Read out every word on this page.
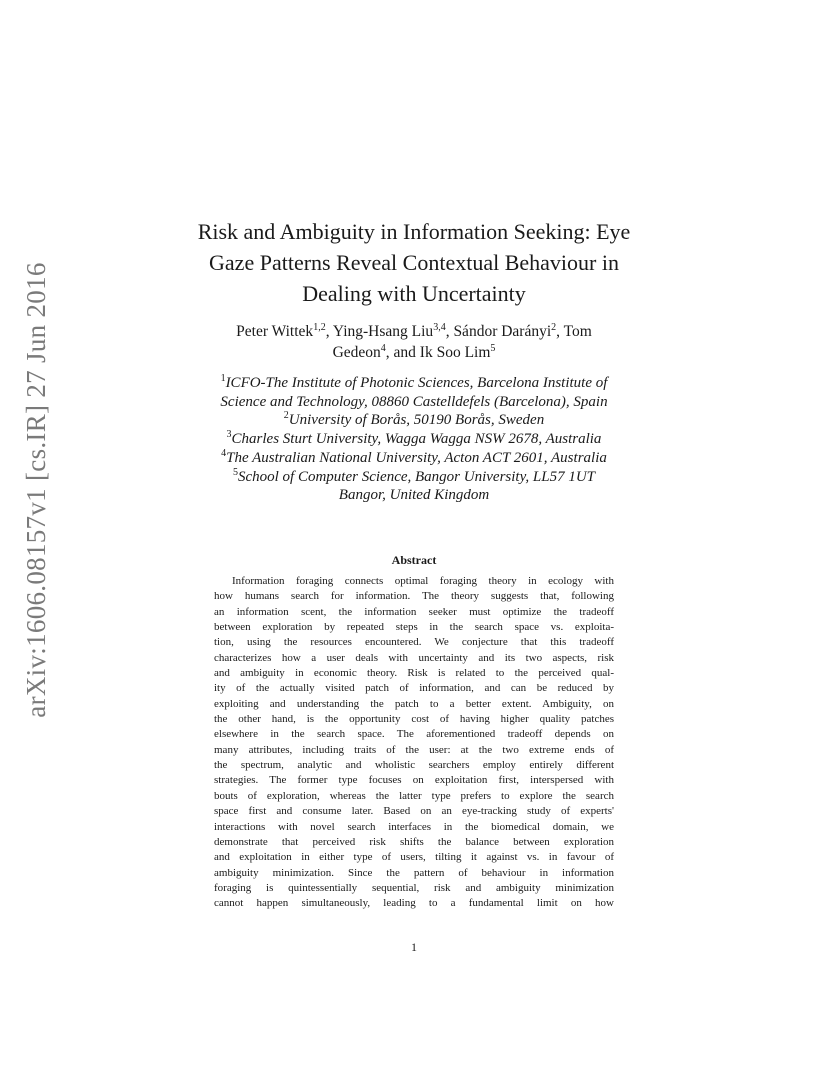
arXiv:1606.08157v1 [cs.IR] 27 Jun 2016
Risk and Ambiguity in Information Seeking: Eye
Gaze Patterns Reveal Contextual Behaviour in
Dealing with Uncertainty
Peter Wittek$^{1,2}$, Ying-Hsang Liu$^{3,4}$, Sándor Darányi$^2$, Tom
Gedeon$^4$, and Ik Soo Lim$^5$
$^1$ICFO-The Institute of Photonic Sciences, Barcelona Institute of
Science and Technology, 08860 Castelldefels (Barcelona), Spain
$^2$University of Borås, 50190 Borås, Sweden
$^3$Charles Sturt University, Wagga Wagga NSW 2678, Australia
$^4$The Australian National University, Acton ACT 2601, Australia
$^5$School of Computer Science, Bangor University, LL57 1UT
Bangor, United Kingdom
Abstract
Information foraging connects optimal foraging theory in ecology with
how humans search for information. The theory suggests that, following
an information scent, the information seeker must optimize the tradeoff
between exploration by repeated steps in the search space vs. exploita-
tion, using the resources encountered. We conjecture that this tradeoff
characterizes how a user deals with uncertainty and its two aspects, risk
and ambiguity in economic theory. Risk is related to the perceived qual-
ity of the actually visited patch of information, and can be reduced by
exploiting and understanding the patch to a better extent. Ambiguity, on
the other hand, is the opportunity cost of having higher quality patches
elsewhere in the search space. The aforementioned tradeoff depends on
many attributes, including traits of the user: at the two extreme ends of
the spectrum, analytic and wholistic searchers employ entirely different
strategies. The former type focuses on exploitation first, interspersed with
bouts of exploration, whereas the latter type prefers to explore the search
space first and consume later. Based on an eye-tracking study of experts'
interactions with novel search interfaces in the biomedical domain, we
demonstrate that perceived risk shifts the balance between exploration
and exploitation in either type of users, tilting it against vs. in favour of
ambiguity minimization. Since the pattern of behaviour in information
foraging is quintessentially sequential, risk and ambiguity minimization
cannot happen simultaneously, leading to a fundamental limit on how
1
